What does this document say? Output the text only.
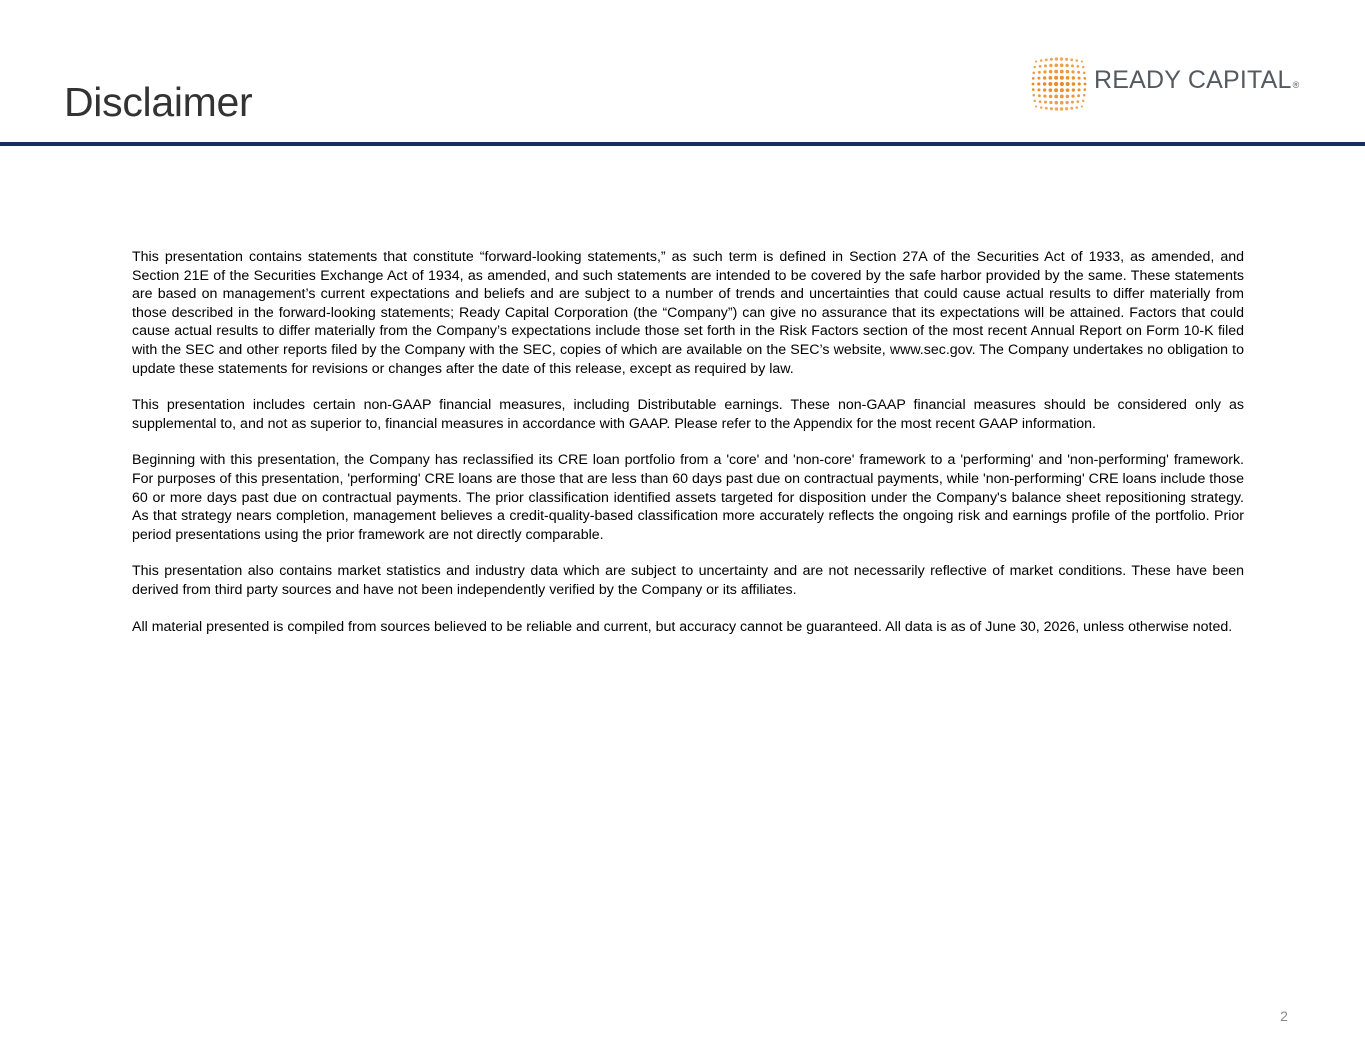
Disclaimer	READY CAPITAL®

This presentation contains statements that constitute “forward-looking statements,” as such term is defined in Section 27A of the Securities Act of 1933, as amended, and Section 21E of the Securities Exchange Act of 1934, as amended, and such statements are intended to be covered by the safe harbor provided by the same. These statements are based on management’s current expectations and beliefs and are subject to a number of trends and uncertainties that could cause actual results to differ materially from those described in the forward-looking statements; Ready Capital Corporation (the “Company”) can give no assurance that its expectations will be attained. Factors that could cause actual results to differ materially from the Company’s expectations include those set forth in the Risk Factors section of the most recent Annual Report on Form 10-K filed with the SEC and other reports filed by the Company with the SEC, copies of which are available on the SEC’s website, www.sec.gov. The Company undertakes no obligation to update these statements for revisions or changes after the date of this release, except as required by law.

This presentation includes certain non-GAAP financial measures, including Distributable earnings. These non-GAAP financial measures should be considered only as supplemental to, and not as superior to, financial measures in accordance with GAAP. Please refer to the Appendix for the most recent GAAP information.

Beginning with this presentation, the Company has reclassified its CRE loan portfolio from a 'core' and 'non-core' framework to a 'performing' and 'non-performing' framework. For purposes of this presentation, 'performing' CRE loans are those that are less than 60 days past due on contractual payments, while 'non-performing' CRE loans include those 60 or more days past due on contractual payments. The prior classification identified assets targeted for disposition under the Company's balance sheet repositioning strategy. As that strategy nears completion, management believes a credit-quality-based classification more accurately reflects the ongoing risk and earnings profile of the portfolio. Prior period presentations using the prior framework are not directly comparable.

This presentation also contains market statistics and industry data which are subject to uncertainty and are not necessarily reflective of market conditions. These have been derived from third party sources and have not been independently verified by the Company or its affiliates.

All material presented is compiled from sources believed to be reliable and current, but accuracy cannot be guaranteed. All data is as of June 30, 2026, unless otherwise noted.

2
